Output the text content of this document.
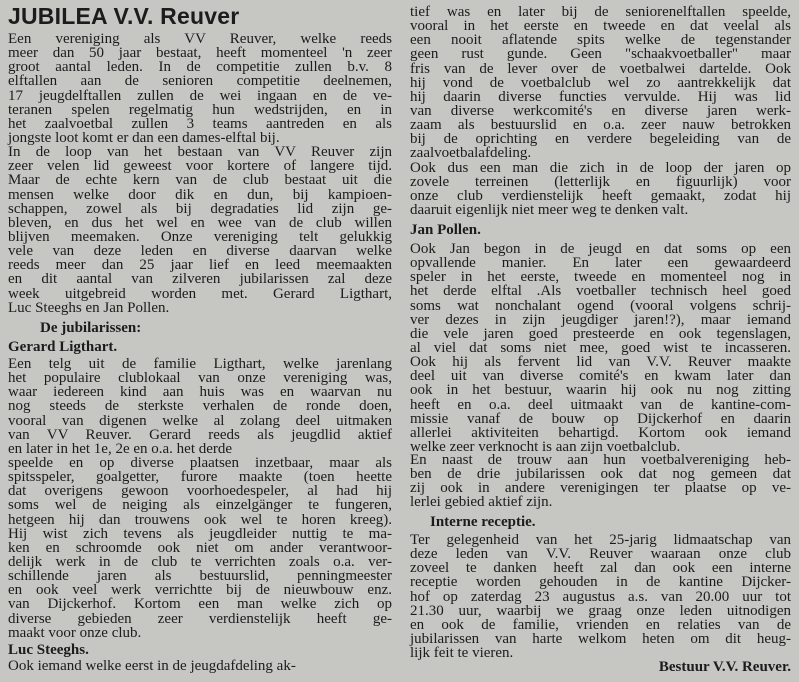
JUBILEA V.V. Reuver
Een vereniging als VV Reuver, welke reeds
meer dan 50 jaar bestaat, heeft momenteel 'n zeer
groot aantal leden. In de competitie zullen b.v. 8
elftallen aan de senioren competitie deelnemen,
17 jeugdelftallen zullen de wei ingaan en de ve-
teranen spelen regelmatig hun wedstrijden, en in
het zaalvoetbal zullen 3 teams aantreden en als
jongste loot komt er dan een dames-elftal bij.
In de loop van het bestaan van VV Reuver zijn
zeer velen lid geweest voor kortere of langere tijd.
Maar de echte kern van de club bestaat uit die
mensen welke door dik en dun, bij kampioen-
schappen, zowel als bij degradaties lid zijn ge-
bleven, en dus het wel en wee van de club willen
blijven meemaken. Onze vereniging telt gelukkig
vele van deze leden en diverse daarvan welke
reeds meer dan 25 jaar lief en leed meemaakten
en dit aantal van zilveren jubilarissen zal deze
week uitgebreid worden met. Gerard Ligthart,
Luc Steeghs en Jan Pollen.
De jubilarissen:
Gerard Ligthart.
Een telg uit de familie Ligthart, welke jarenlang
het populaire clublokaal van onze vereniging was,
waar iedereen kind aan huis was en waarvan nu
nog steeds de sterkste verhalen de ronde doen,
vooral van digenen welke al zolang deel uitmaken
van VV Reuver. Gerard reeds als jeugdlid aktief
en later in het 1e, 2e en o.a. het derde
speelde en op diverse plaatsen inzetbaar, maar als
spitsspeler, goalgetter, furore maakte (toen heette
dat overigens gewoon voorhoedespeler, al had hij
soms wel de neiging als einzelgänger te fungeren,
hetgeen hij dan trouwens ook wel te horen kreeg).
Hij wist zich tevens als jeugdleider nuttig te ma-
ken en schroomde ook niet om ander verantwoor-
delijk werk in de club te verrichten zoals o.a. ver-
schillende jaren als bestuurslid, penningmeester
en ook veel werk verrichtte bij de nieuwbouw enz.
van Dijckerhof. Kortom een man welke zich op
diverse gebieden zeer verdienstelijk heeft ge-
maakt voor onze club.
Luc Steeghs.
Ook iemand welke eerst in de jeugdafdeling ak-
tief was en later bij de seniorenelftallen speelde,
vooral in het eerste en tweede en dat veelal als
een nooit aflatende spits welke de tegenstander
geen rust gunde. Geen "schaakvoetballer" maar
fris van de lever over de voetbalwei dartelde. Ook
hij vond de voetbalclub wel zo aantrekkelijk dat
hij daarin diverse functies vervulde. Hij was lid
van diverse werkcomité's en diverse jaren werk-
zaam als bestuurslid en o.a. zeer nauw betrokken
bij de oprichting en verdere begeleiding van de
zaalvoetbalafdeling.
Ook dus een man die zich in de loop der jaren op
zovele terreinen (letterlijk en figuurlijk) voor
onze club verdienstelijk heeft gemaakt, zodat hij
daaruit eigenlijk niet meer weg te denken valt.
Jan Pollen.
Ook Jan begon in de jeugd en dat soms op een
opvallende manier. En later een gewaardeerd
speler in het eerste, tweede en momenteel nog in
het derde elftal .Als voetballer technisch heel goed
soms wat nonchalant ogend (vooral volgens schrij-
ver dezes in zijn jeugdiger jaren!?), maar iemand
die vele jaren goed presteerde en ook tegenslagen,
al viel dat soms niet mee, goed wist te incasseren.
Ook hij als fervent lid van V.V. Reuver maakte
deel uit van diverse comité's en kwam later dan
ook in het bestuur, waarin hij ook nu nog zitting
heeft en o.a. deel uitmaakt van de kantine-com-
missie vanaf de bouw op Dijckerhof en daarin
allerlei aktiviteiten behartigd. Kortom ook iemand
welke zeer verknocht is aan zijn voetbalclub.
En naast de trouw aan hun voetbalvereniging heb-
ben de drie jubilarissen ook dat nog gemeen dat
zij ook in andere verenigingen ter plaatse op ve-
lerlei gebied aktief zijn.
Interne receptie.
Ter gelegenheid van het 25-jarig lidmaatschap van
deze leden van V.V. Reuver waaraan onze club
zoveel te danken heeft zal dan ook een interne
receptie worden gehouden in de kantine Dijcker-
hof op zaterdag 23 augustus a.s. van 20.00 uur tot
21.30 uur, waarbij we graag onze leden uitnodigen
en ook de familie, vrienden en relaties van de
jubilarissen van harte welkom heten om dit heug-
lijk feit te vieren.
Bestuur V.V. Reuver.
